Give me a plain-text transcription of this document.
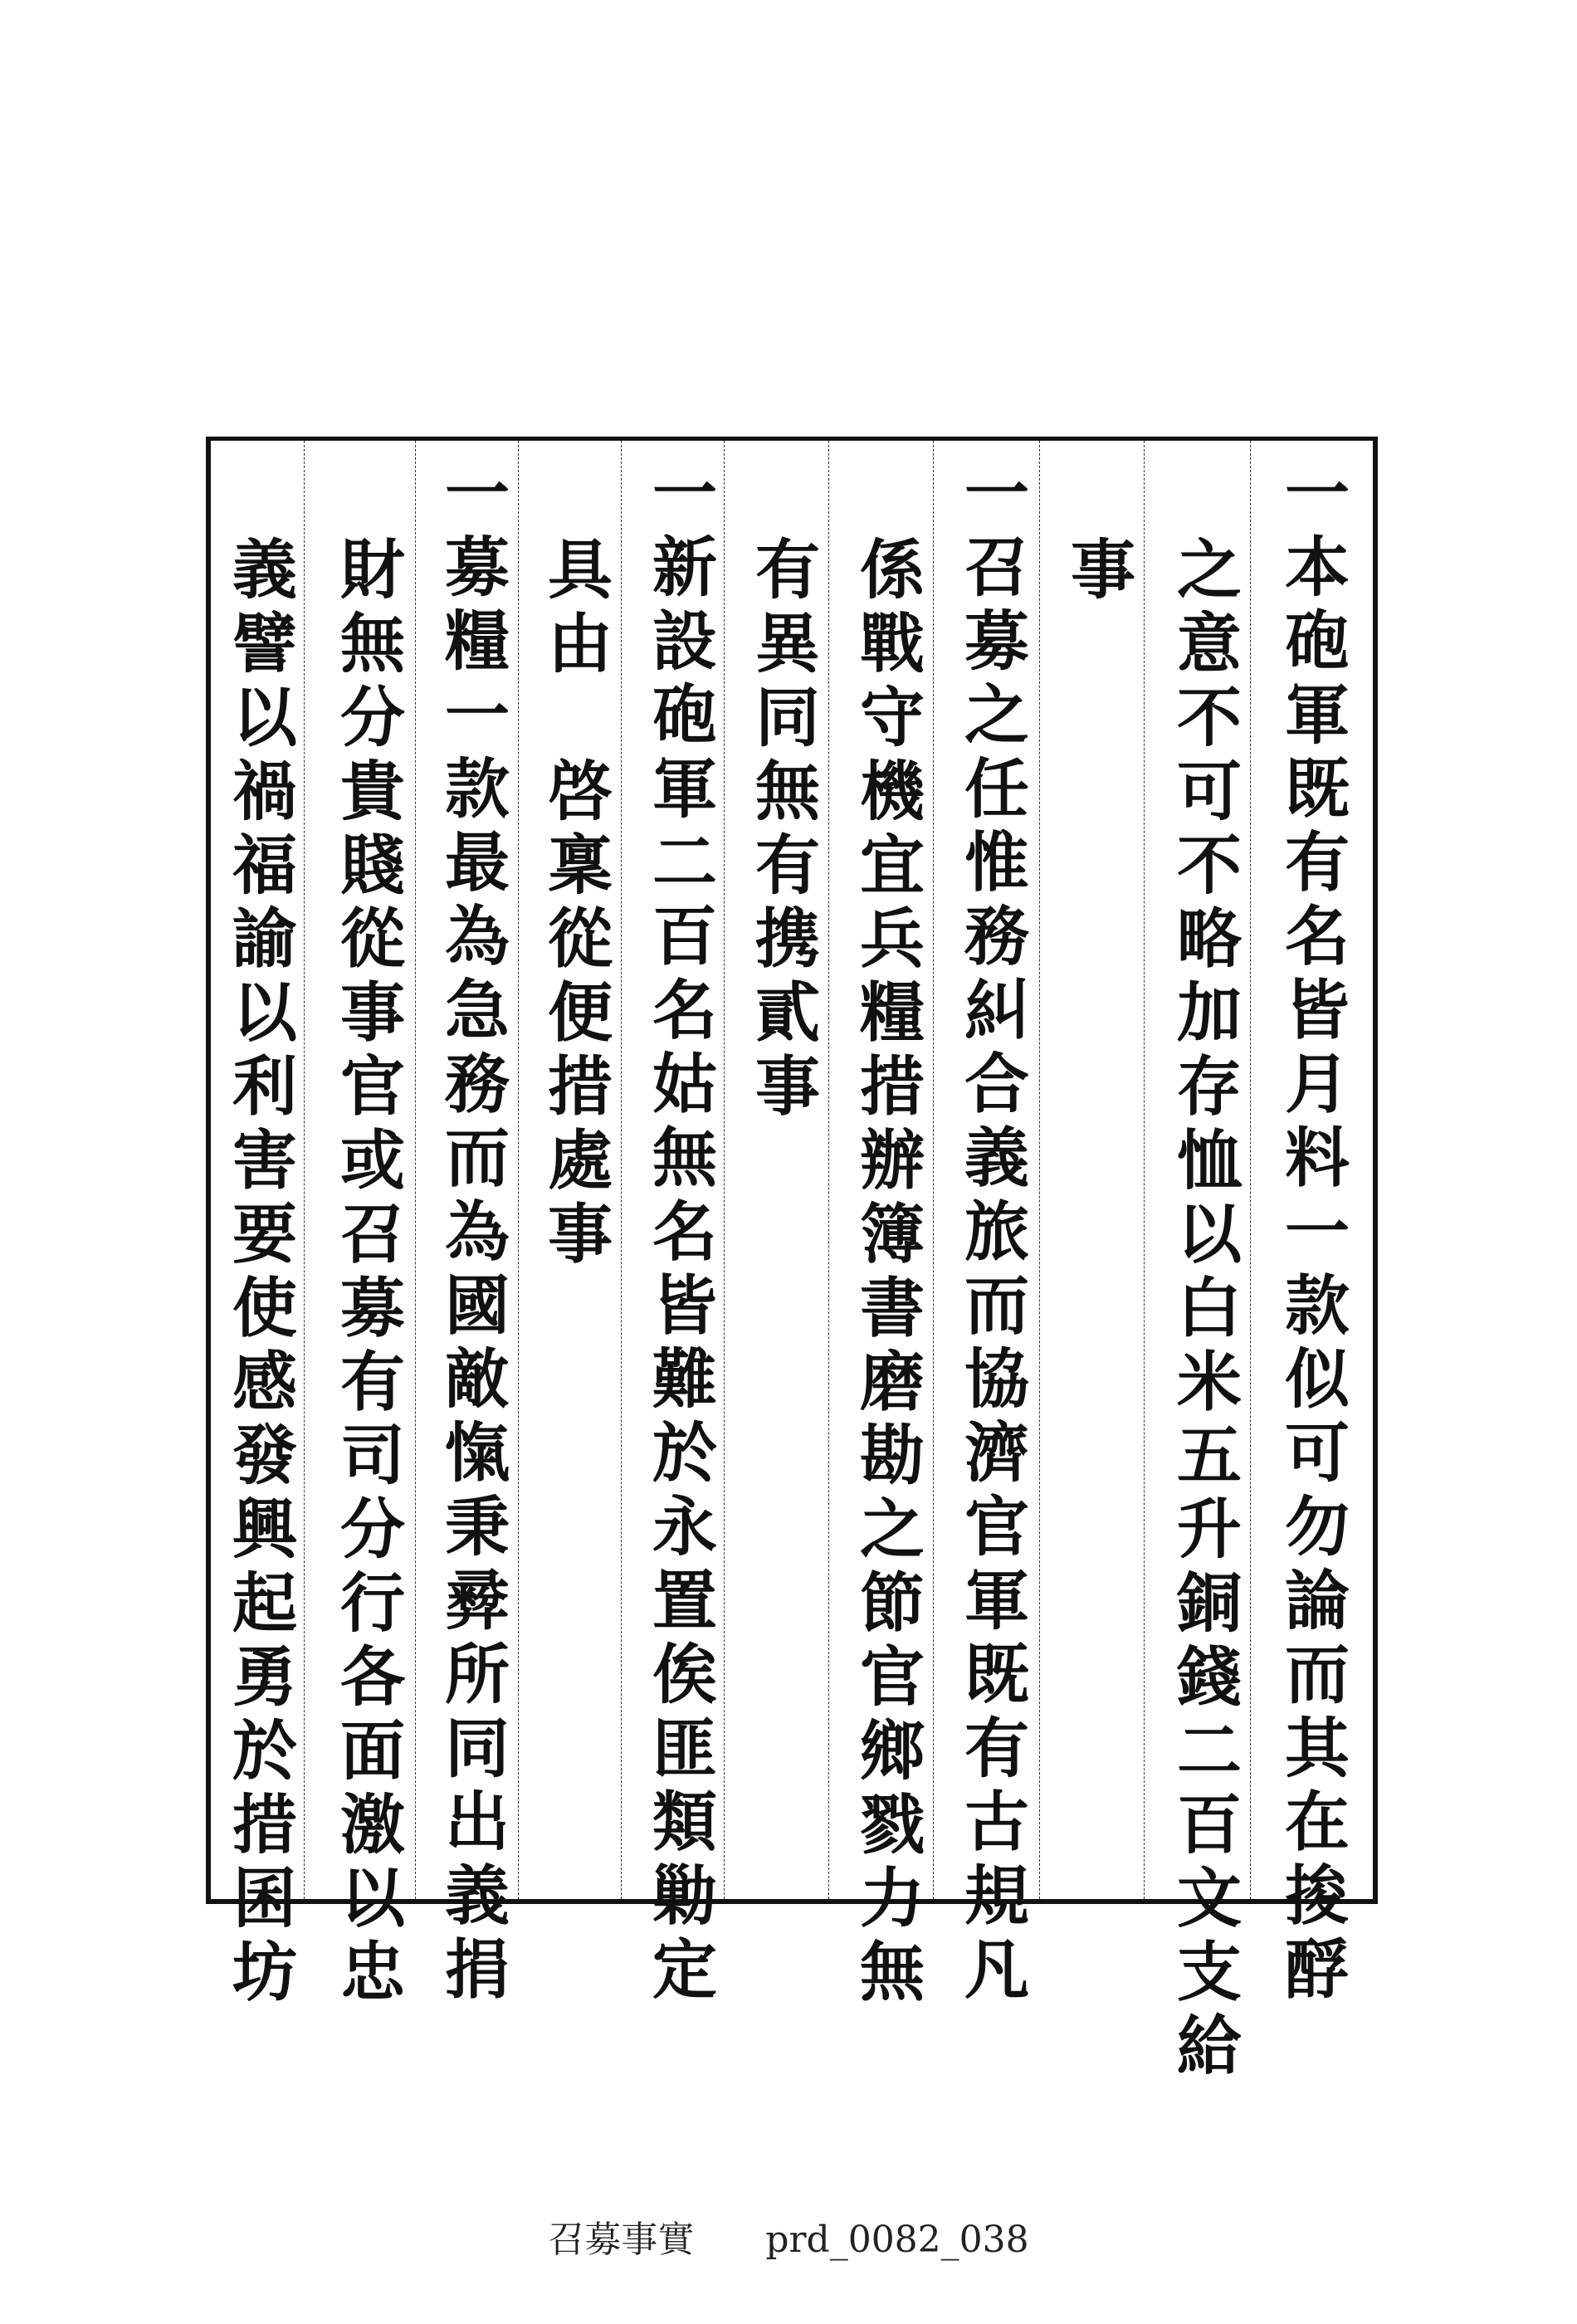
一本砲軍既有名皆月料一款似可勿論而其在捘酻
之意不可不略加存恤以白米五升銅錢二百文支給
事
一召募之任惟務糾合義旅而協濟官軍既有古規凡
係戰守機宜兵糧措辦簿書磨勘之節官鄉戮力無
有異同無有携貳事
一新設砲軍二百名姑無名皆難於永置俟匪類勦定
具由　啓稟從便措處事
一募糧一款最為急務而為國敵愾秉彛所同出義捐
財無分貴賤從事官或召募有司分行各面激以忠
義譬以禍福諭以利害要使感發興起勇於措囷坊
召募事實 prd_0082_038
